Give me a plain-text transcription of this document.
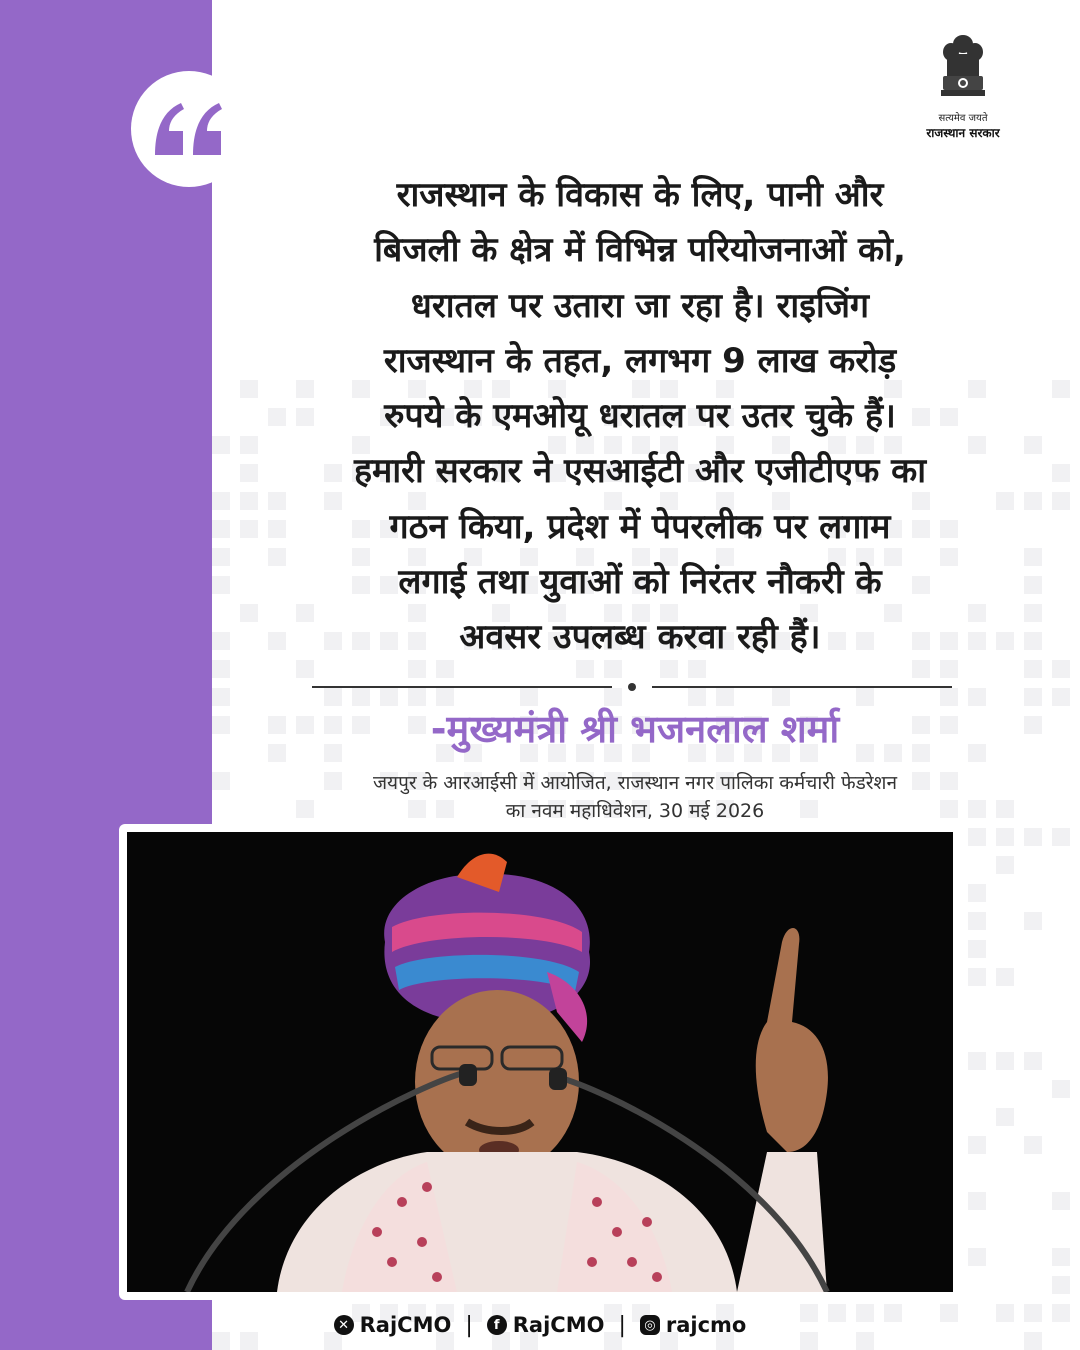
सत्यमेव जयते
राजस्थान सरकार
राजस्थान के विकास के लिए, पानी और
बिजली के क्षेत्र में विभिन्न परियोजनाओं को,
धरातल पर उतारा जा रहा है। राइजिंग
राजस्थान के तहत, लगभग 9 लाख करोड़
रुपये के एमओयू धरातल पर उतर चुके हैं।
हमारी सरकार ने एसआईटी और एजीटीएफ का
गठन किया, प्रदेश में पेपरलीक पर लगाम
लगाई तथा युवाओं को निरंतर नौकरी के
अवसर उपलब्ध करवा रही हैं।
-मुख्यमंत्री श्री भजनलाल शर्मा
जयपुर के आरआईसी में आयोजित, राजस्थान नगर पालिका कर्मचारी फेडरेशन
का नवम महाधिवेशन, 30 मई 2026
✕ RajCMO |	f RajCMO |	◎ rajcmo
